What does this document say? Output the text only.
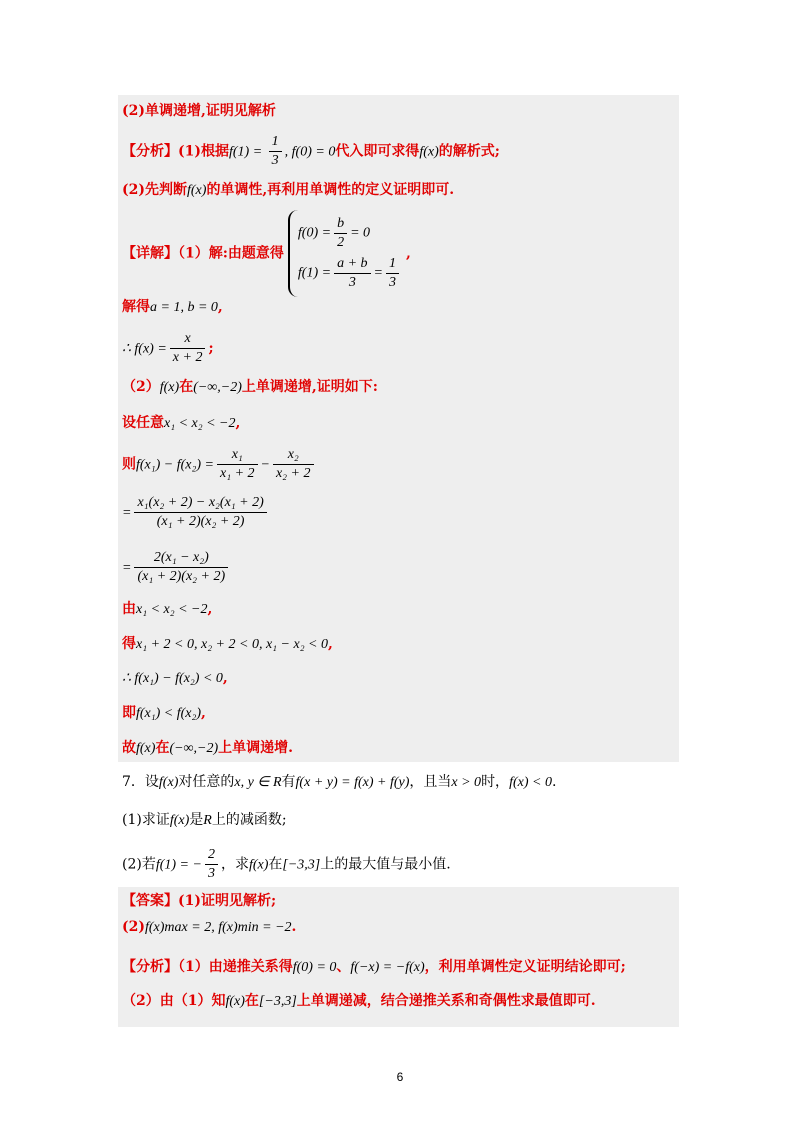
(2)单调递增,证明见解析
【分析】(1)根据$f(1) = \frac{1}{3}$ , f(0) = 0代入即可求得f(x)的解析式;
(2)先判断f(x)的单调性,再利用单调性的定义证明即可.
【详解】（1）解:由题意得
$f(0) = \frac{b}{2} = 0$
$f(1) = \frac{a + b}{3} = \frac{1}{3}$
,
解得a = 1, b = 0,
∴ $f(x) = \frac{x}{x + 2}$ ;
（2）f(x)在(−∞,−2)上单调递增,证明如下:
设任意x₁ < x₂ < −2,
则$f(x_1) - f(x_2) = \frac{\text{x₁}}{\text{x₁ + 2}} - \frac{\text{x₂}}{\text{x₂ + 2}}$
= $\frac{\text{x₁(x₂ + 2) − x₂(x₁ + 2)}}{\text{(x₁ + 2)(x₂ + 2)}}$
= $\frac{\text{2(x₁ − x₂)}}{\text{(x₁ + 2)(x₂ + 2)}}$
由x₁ < x₂ < −2,
得x₁ + 2 < 0, x₂ + 2 < 0, x₁ − x₂ < 0,
∴ f(x₁) − f(x₂) < 0,
即f(x₁) < f(x₂),
故f(x)在(−∞,−2)上单调递增.
7．设f(x)对任意的x, y ∈ R有f(x + y) = f(x) + f(y)，且当x > 0时，f(x) < 0.
(1)求证f(x)是R上的减函数;
(2)若f(1) = − $\frac{2}{3}$ ，求f(x)在[−3,3]上的最大值与最小值.
【答案】(1)证明见解析;
(2)f(x)max = 2, f(x)min = −2.
【分析】（1）由递推关系得f(0) = 0、f(−x) = −f(x)，利用单调性定义证明结论即可;
（2）由（1）知f(x)在[−3,3]上单调递减，结合递推关系和奇偶性求最值即可.
6
